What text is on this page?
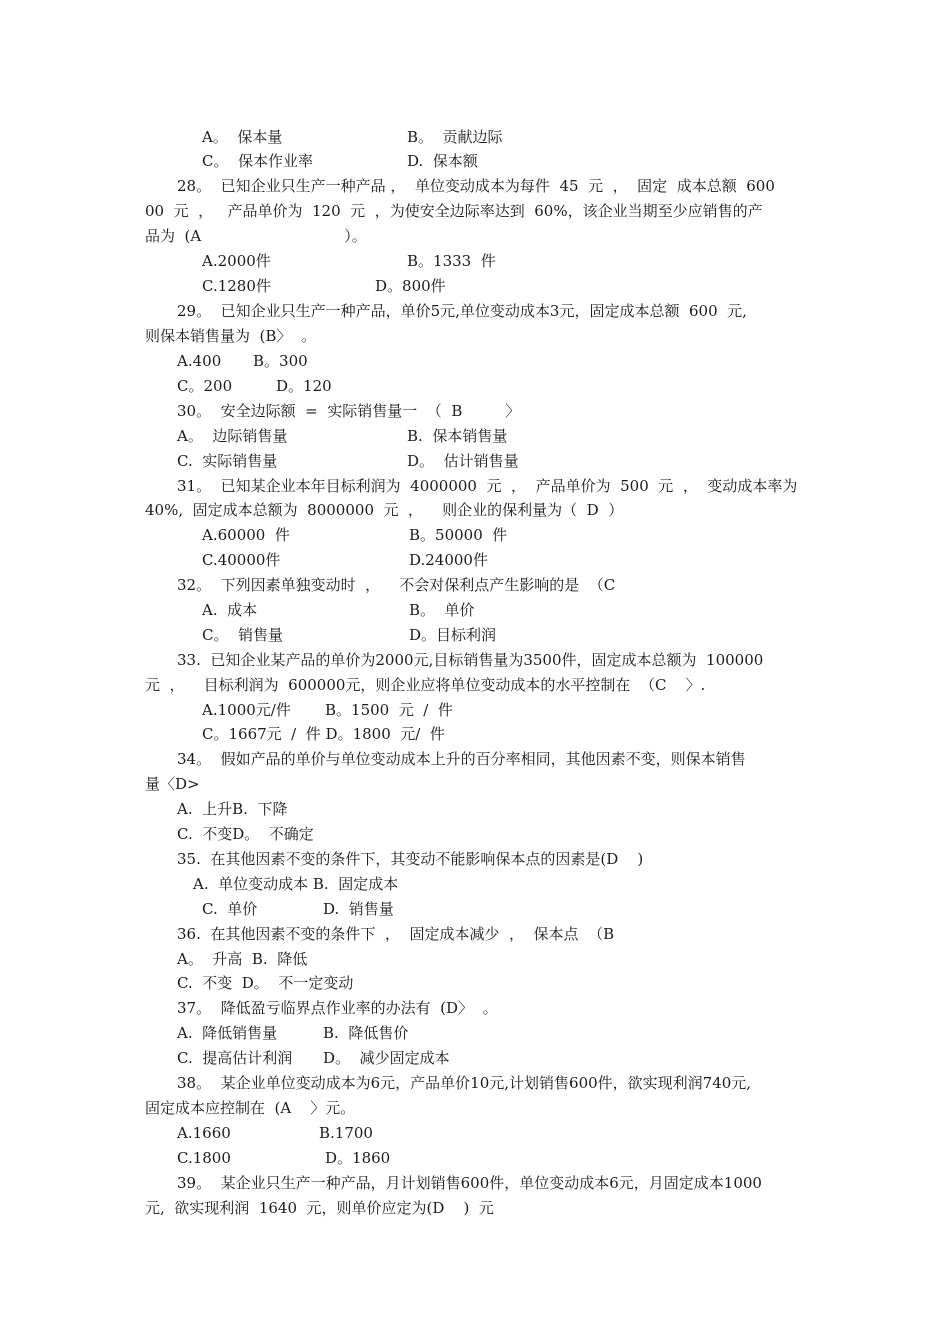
A。  保本量	B。  贡献边际
C。  保本作业率	D.  保本额
28。  已知企业只生产一种产品 ，  单位变动成本为每件  45  元  ，  固定  成本总额  600
00  元  ，   产品单价为  120  元  ，为使安全边际率达到  60%，该企业当期至少应销售的产
品为  (A                              ）。
A.2000件	B。1333  件
C.1280件	D。800件
29。  已知企业只生产一种产品，单价5元,单位变动成本3元，固定成本总额  600  元,
则保本销售量为  (B〉  。
A.400 B。300
C。200	D。120
30。  安全边际额  =  实际销售量一  （  B         〉
A。  边际销售量	B.  保本销售量
C.  实际销售量	D。  估计销售量
31。  已知某企业本年目标利润为  4000000  元  ，  产品单价为  500  元  ，  变动成本率为
40%,  固定成本总额为  8000000  元  ，    则企业的保利量为（  D  ）
A.60000  件	B。50000  件
C.40000件	D.24000件
32。  下列因素单独变动时  ，    不会对保利点产生影响的是  （C
A.  成本	B。  单价
C。  销售量	D。目标利润
33.  已知企业某产品的单价为2000元,目标销售量为3500件，固定成本总额为  100000
元  ，    目标利润为  600000元，则企业应将单位变动成本的水平控制在  （C    〉.
A.1000元/件 B。1500  元  /  件
C。1667元  /  件 D。1800  元/  件
34。  假如产品的单价与单位变动成本上升的百分率相同，其他因素不变，则保本销售
量〈D>
A.  上升B.  下降
C.  不变D。  不确定
35.  在其他因素不变的条件下，其变动不能影响保本点的因素是(D    )
A.  单位变动成本 B.  固定成本
C.  单价	D.  销售量
36.  在其他因素不变的条件下  ，  固定成本减少  ，  保本点  （B
A。  升高  B.  降低
C.  不变  D。  不一定变动
37。  降低盈亏临界点作业率的办法有  (D〉  。
A.  降低销售量	B.  降低售价
C.  提高估计利润 D。  减少固定成本
38。  某企业单位变动成本为6元，产品单价10元,计划销售600件，欲实现利润740元,
固定成本应控制在  (A    〉元。
A.1660	B.1700
C.1800	D。1860
39。  某企业只生产一种产品，月计划销售600件，单位变动成本6元，月固定成本1000
元,  欲实现利润  1640  元，则单价应定为(D    )  元
